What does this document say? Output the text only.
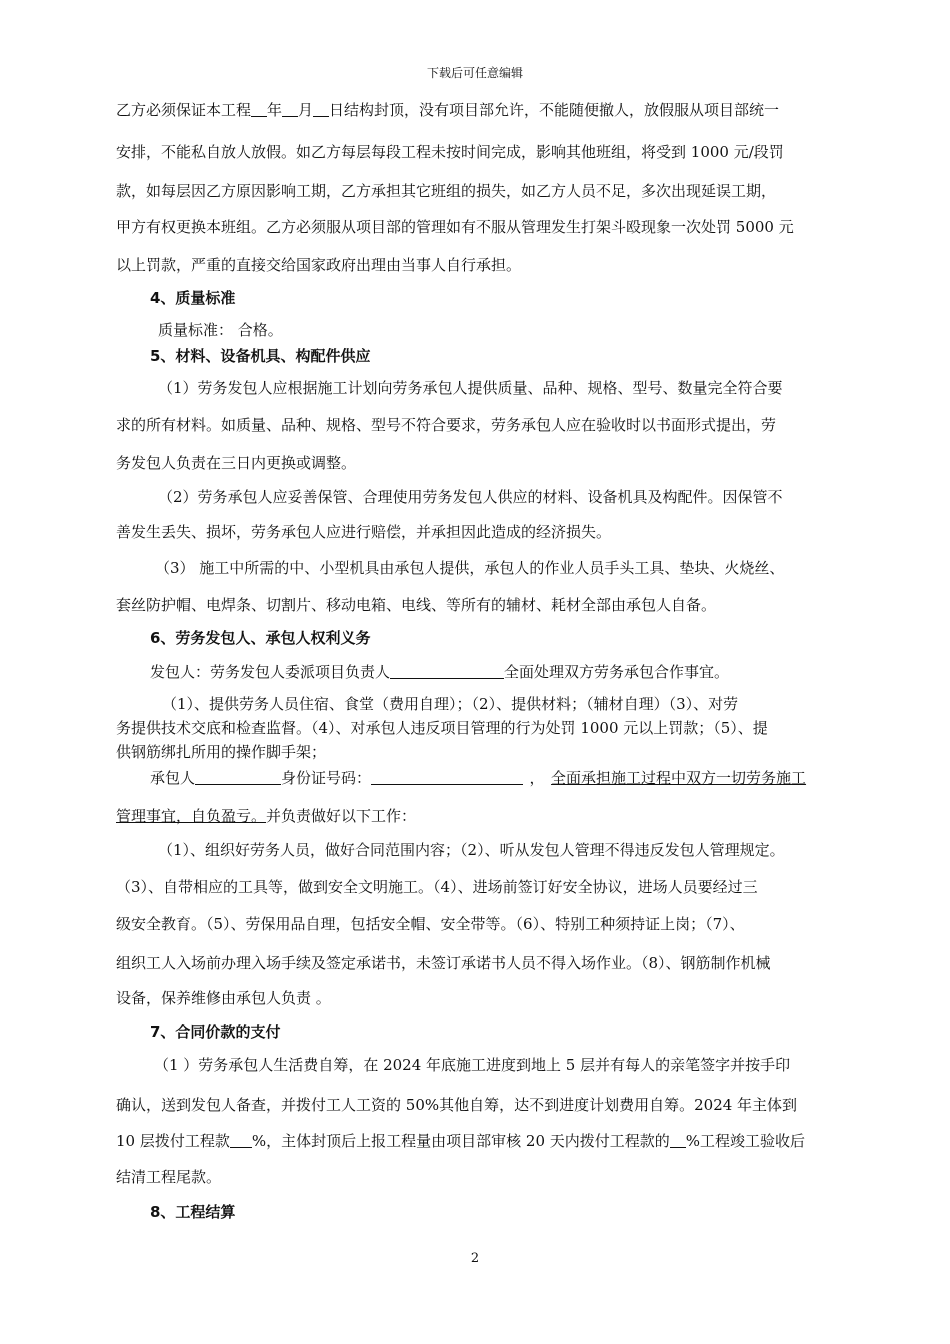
下载后可任意编辑
乙方必须保证本工程 年 月 日结构封顶，没有项目部允许，不能随便撤人，放假服从项目部统一
安排，不能私自放人放假。如乙方每层每段工程未按时间完成，影响其他班组，将受到 1000 元/段罚
款，如每层因乙方原因影响工期，乙方承担其它班组的损失，如乙方人员不足，多次出现延误工期，
甲方有权更换本班组。乙方必须服从项目部的管理如有不服从管理发生打架斗殴现象一次处罚 5000 元
以上罚款，严重的直接交给国家政府出理由当事人自行承担。
4、质量标准
质量标准： 合格。
5、材料、设备机具、构配件供应
（1）劳务发包人应根据施工计划向劳务承包人提供质量、品种、规格、型号、数量完全符合要
求的所有材料。如质量、品种、规格、型号不符合要求，劳务承包人应在验收时以书面形式提出，劳
务发包人负责在三日内更换或调整。
（2）劳务承包人应妥善保管、合理使用劳务发包人供应的材料、设备机具及构配件。因保管不
善发生丢失、损坏，劳务承包人应进行赔偿，并承担因此造成的经济损失。
（3） 施工中所需的中、小型机具由承包人提供，承包人的作业人员手头工具、垫块、火烧丝、
套丝防护帽、电焊条、切割片、移动电箱、电线、等所有的辅材、耗材全部由承包人自备。
6、劳务发包人、承包人权利义务
发包人：劳务发包人委派项目负责人	全面处理双方劳务承包合作事宜。
（1）、提供劳务人员住宿、食堂（费用自理）；（2）、提供材料；（辅材自理）（3）、对劳
务提供技术交底和检查监督。（4）、对承包人违反项目管理的行为处罚 1000 元以上罚款；（5）、提
供钢筋绑扎所用的操作脚手架；
承包人	身份证号码：	， 全面承担施工过程中双方一切劳务施工
管理事宜，自负盈亏。并负责做好以下工作：
（1）、组织好劳务人员，做好合同范围内容；（2）、听从发包人管理不得违反发包人管理规定。
（3）、自带相应的工具等，做到安全文明施工。（4）、进场前签订好安全协议，进场人员要经过三
级安全教育。（5）、劳保用品自理，包括安全帽、安全带等。（6）、特别工种须持证上岗；（7）、
组织工人入场前办理入场手续及签定承诺书，未签订承诺书人员不得入场作业。（8）、钢筋制作机械
设备，保养维修由承包人负责 。
7、合同价款的支付
（1 ）劳务承包人生活费自筹，在 2024 年底施工进度到地上 5 层并有每人的亲笔签字并按手印
确认，送到发包人备查，并拨付工人工资的 50%其他自筹，达不到进度计划费用自筹。2024 年主体到
10 层拨付工程款 %，主体封顶后上报工程量由项目部审核 20 天内拨付工程款的 %工程竣工验收后
结清工程尾款。
8、工程结算
2
